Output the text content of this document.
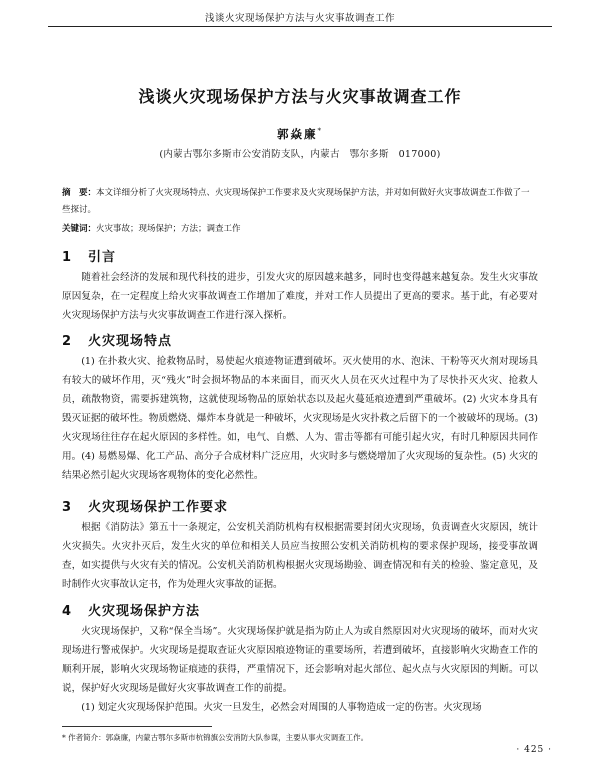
浅谈火灾现场保护方法与火灾事故调查工作
浅谈火灾现场保护方法与火灾事故调查工作
郭焱廉*
(内蒙古鄂尔多斯市公安消防支队，内蒙古　鄂尔多斯　017000)
摘　要：本文详细分析了火灾现场特点、火灾现场保护工作要求及火灾现场保护方法，并对如何做好火灾事故调查工作做了一些探讨。
关键词：火灾事故；现场保护；方法；调查工作
1 引言

随着社会经济的发展和现代科技的进步，引发火灾的原因越来越多，同时也变得越来越复杂。发生火灾事故原因复杂，在一定程度上给火灾事故调查工作增加了难度，并对工作人员提出了更高的要求。基于此，有必要对火灾现场保护方法与火灾事故调查工作进行深入探析。

2 火灾现场特点

(1) 在扑救火灾、抢救物品时，易使起火痕迹物证遭到破坏。灭火使用的水、泡沫、干粉等灭火剂对现场具有较大的破坏作用，灭“残火”时会损坏物品的本来面目，而灭火人员在灭火过程中为了尽快扑灭火灾、抢救人员，疏散物资，需要拆建筑物，这就使现场物品的原始状态以及起火蔓延痕迹遭到严重破坏。(2) 火灾本身具有毁灭证据的破坏性。物质燃烧、爆炸本身就是一种破坏，火灾现场是火灾扑救之后留下的一个被破坏的现场。(3) 火灾现场往往存在起火原因的多样性。如，电气、自燃、人为、雷击等都有可能引起火灾，有时几种原因共同作用。(4) 易燃易爆、化工产品、高分子合成材料广泛应用，火灾时多与燃烧增加了火灾现场的复杂性。(5) 火灾的结果必然引起火灾现场客观物体的变化必然性。

3 火灾现场保护工作要求

根据《消防法》第五十一条规定，公安机关消防机构有权根据需要封闭火灾现场，负责调查火灾原因，统计火灾损失。火灾扑灭后，发生火灾的单位和相关人员应当按照公安机关消防机构的要求保护现场，接受事故调查，如实提供与火灾有关的情况。公安机关消防机构根据火灾现场勘验、调查情况和有关的检验、鉴定意见，及时制作火灾事故认定书，作为处理火灾事故的证据。

4 火灾现场保护方法

火灾现场保护，又称“保全当场”。火灾现场保护就是指为防止人为或自然原因对火灾现场的破坏，而对火灾现场进行警戒保护。火灾现场是提取查证火灾原因痕迹物证的重要场所，若遭到破坏，直接影响火灾勘查工作的顺利开展，影响火灾现场物证痕迹的获得，严重情况下，还会影响对起火部位、起火点与火灾原因的判断。可以说，保护好火灾现场是做好火灾事故调查工作的前提。

(1) 划定火灾现场保护范围。火灾一旦发生，必然会对周围的人事物造成一定的伤害。火灾现场

* 作者简介：郭焱廉，内蒙古鄂尔多斯市杭锦旗公安消防大队参谋，主要从事火灾调查工作。
· 425 ·
